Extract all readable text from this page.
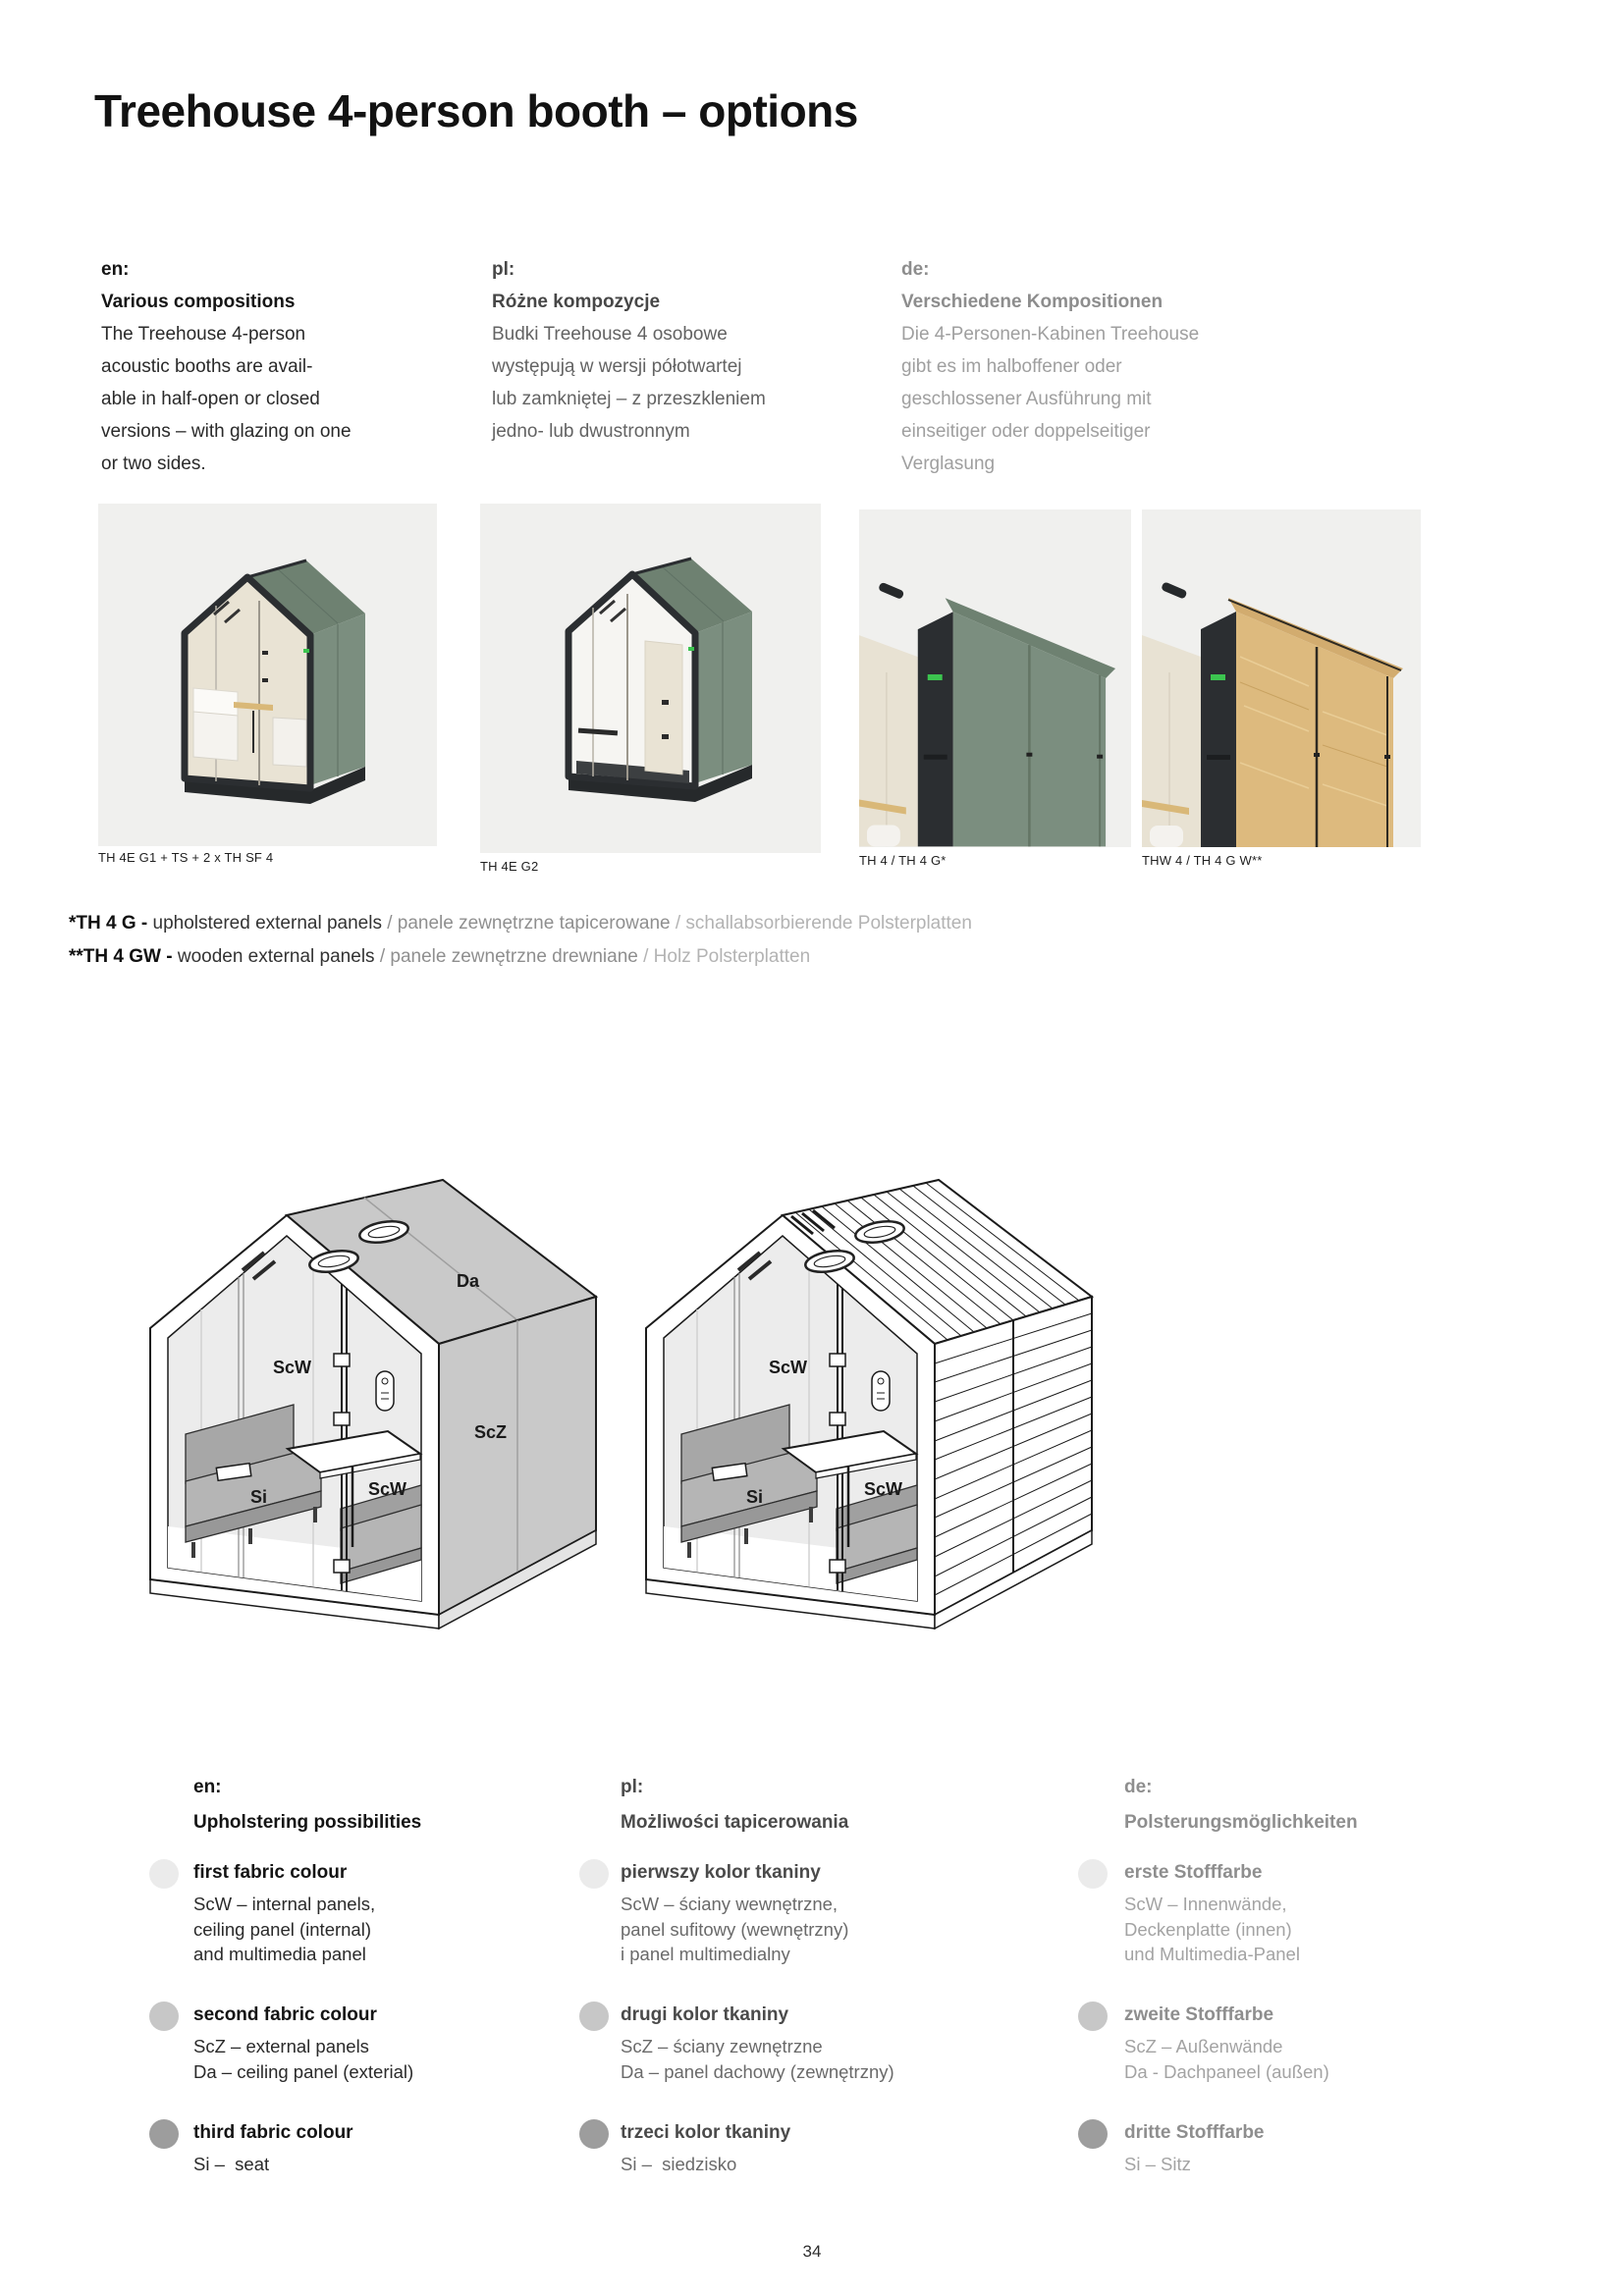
Treehouse 4-person booth – options
en:
Various compositions
The Treehouse 4-person
acoustic booths are avail-
able in half-open or closed
versions – with glazing on one
or two sides.
pl:
Różne kompozycje
Budki Treehouse 4 osobowe
występują w wersji półotwartej
lub zamkniętej – z przeszkleniem
jedno- lub dwustronnym
de:
Verschiedene Kompositionen
Die 4-Personen-Kabinen Treehouse
gibt es im halboffener oder
geschlossener Ausführung mit
einseitiger oder doppelseitiger
Verglasung
TH 4E G1 + TS + 2 x TH SF 4
TH 4E G2	TH 4 / TH 4 G*	THW 4 / TH 4 G W**
*TH 4 G - upholstered external panels / panele zewnętrzne tapicerowane / schallabsorbierende Polsterplatten
**TH 4 GW - wooden external panels / panele zewnętrzne drewniane / Holz Polsterplatten
Da
ScW
ScZ
ScW
Si
ScW
ScW
Si
en:
Upholstering possibilities
first fabric colour
ScW – internal panels,
ceiling panel (internal)
and multimedia panel
second fabric colour
ScZ – external panels
Da – ceiling panel (exterial)
third fabric colour
Si –  seat
pl:
Możliwości tapicerowania
pierwszy kolor tkaniny
ScW – ściany wewnętrzne,
panel sufitowy (wewnętrzny)
i panel multimedialny
drugi kolor tkaniny
ScZ – ściany zewnętrzne
Da – panel dachowy (zewnętrzny)
trzeci kolor tkaniny
Si –  siedzisko
de:
Polsterungsmöglichkeiten
erste Stofffarbe
ScW – Innenwände,
Deckenplatte (innen)
und Multimedia-Panel
zweite Stofffarbe
ScZ – Außenwände
Da - Dachpaneel (außen)
dritte Stofffarbe
Si – Sitz
34
